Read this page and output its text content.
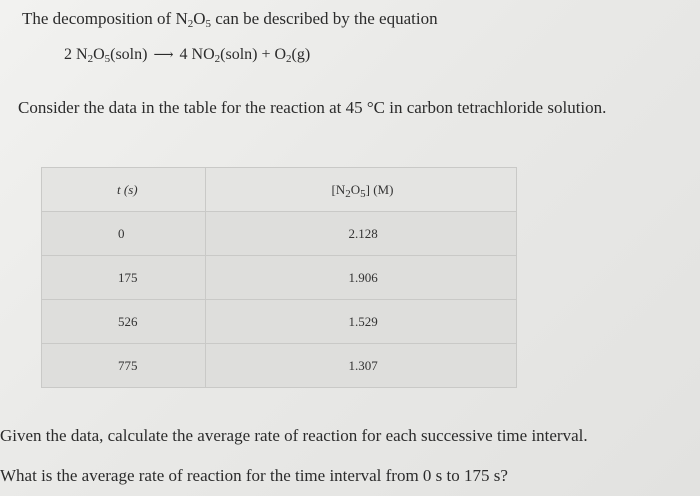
The decomposition of $N_2O_5$ can be described by the equation
2 $N_2O_5(soln)$ ⟶ 4 $NO_2(soln) + O_2(g)$
Consider the data in the table for the reaction at 45 °C in carbon tetrachloride solution.
t (s)	$[N_2O_5]$ (M)
0	2.128
175	1.906
526	1.529
775	1.307
Given the data, calculate the average rate of reaction for each successive time interval.
What is the average rate of reaction for the time interval from 0 s to 175 s?
